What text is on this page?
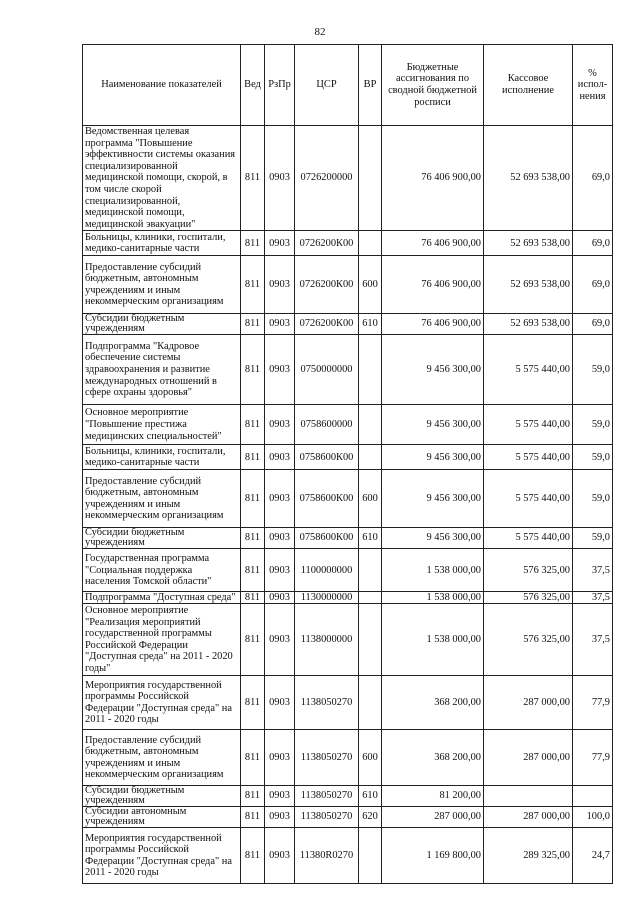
82
Наименование показателей	Вед	РзПр	ЦСР	ВР	Бюджетные ассигнования по сводной бюджетной росписи	Кассовое исполнение	% испол-нения
Ведомственная целевая программа "Повышение эффективности системы оказания специализированной медицинской помощи, скорой, в том числе скорой специализированной, медицинской помощи, медицинской эвакуации"	811	0903	0726200000		76 406 900,00	52 693 538,00	69,0
Больницы, клиники, госпитали, медико-санитарные части	811	0903	0726200К00		76 406 900,00	52 693 538,00	69,0
Предоставление субсидий бюджетным, автономным учреждениям и иным некоммерческим организациям	811	0903	0726200К00	600	76 406 900,00	52 693 538,00	69,0
Субсидии бюджетным учреждениям	811	0903	0726200К00	610	76 406 900,00	52 693 538,00	69,0
Подпрограмма "Кадровое обеспечение системы здравоохранения и развитие международных отношений в сфере охраны здоровья"	811	0903	0750000000		9 456 300,00	5 575 440,00	59,0
Основное мероприятие "Повышение престижа медицинских специальностей"	811	0903	0758600000		9 456 300,00	5 575 440,00	59,0
Больницы, клиники, госпитали, медико-санитарные части	811	0903	0758600К00		9 456 300,00	5 575 440,00	59,0
Предоставление субсидий бюджетным, автономным учреждениям и иным некоммерческим организациям	811	0903	0758600К00	600	9 456 300,00	5 575 440,00	59,0
Субсидии бюджетным учреждениям	811	0903	0758600К00	610	9 456 300,00	5 575 440,00	59,0
Государственная программа "Социальная поддержка населения Томской области"	811	0903	1100000000		1 538 000,00	576 325,00	37,5
Подпрограмма "Доступная среда"	811	0903	1130000000		1 538 000,00	576 325,00	37,5
Основное мероприятие "Реализация мероприятий государственной программы Российской Федерации "Доступная среда" на 2011 - 2020 годы"	811	0903	1138000000		1 538 000,00	576 325,00	37,5
Мероприятия государственной программы Российской Федерации "Доступная среда" на 2011 - 2020 годы	811	0903	1138050270		368 200,00	287 000,00	77,9
Предоставление субсидий бюджетным, автономным учреждениям и иным некоммерческим организациям	811	0903	1138050270	600	368 200,00	287 000,00	77,9
Субсидии бюджетным учреждениям	811	0903	1138050270	610	81 200,00		
Субсидии автономным учреждениям	811	0903	1138050270	620	287 000,00	287 000,00	100,0
Мероприятия государственной программы Российской Федерации "Доступная среда" на 2011 - 2020 годы	811	0903	11380R0270		1 169 800,00	289 325,00	24,7
